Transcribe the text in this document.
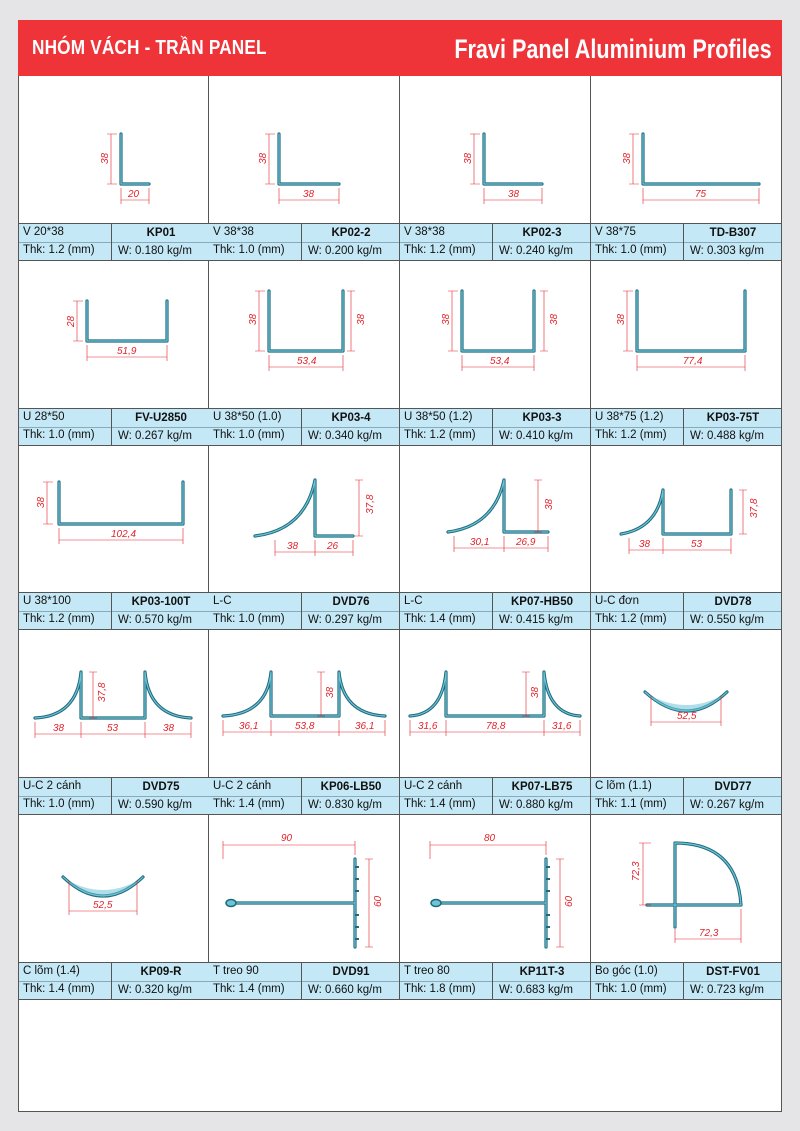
NHÓM VÁCH - TRẦN PANEL	Fravi Panel Aluminium Profiles
38
20
V 20*38	KP01
Thk: 1.2 (mm)	W: 0.180 kg/m
38
38
V 38*38	KP02-2
Thk: 1.0 (mm)	W: 0.200 kg/m
38
38
V 38*38	KP02-3
Thk: 1.2 (mm)	W: 0.240 kg/m
38
75
V 38*75	TD-B307
Thk: 1.0 (mm)	W: 0.303 kg/m
28
51,9
U 28*50	FV-U2850
Thk: 1.0 (mm)	W: 0.267 kg/m
38	38
53,4
U 38*50 (1.0)	KP03-4
Thk: 1.0 (mm)	W: 0.340 kg/m
38	38
53,4
U 38*50 (1.2)	KP03-3
Thk: 1.2 (mm)	W: 0.410 kg/m
38
77,4
U 38*75 (1.2)	KP03-75T
Thk: 1.2 (mm)	W: 0.488 kg/m
38
102,4
U 38*100	KP03-100T
Thk: 1.2 (mm)	W: 0.570 kg/m
37,8
38	26
L-C	DVD76
Thk: 1.0 (mm)	W: 0.297 kg/m
38
30,1	26,9
L-C	KP07-HB50
Thk: 1.4 (mm)	W: 0.415 kg/m
37,8
38	53
U-C đơn	DVD78
Thk: 1.2 (mm)	W: 0.550 kg/m
37,8
38	53	38
U-C 2 cánh	DVD75
Thk: 1.0 (mm)	W: 0.590 kg/m
38
36,1	53,8	36,1
U-C 2 cánh	KP06-LB50
Thk: 1.4 (mm)	W: 0.830 kg/m
38
31,6	78,8	31,6
U-C 2 cánh	KP07-LB75
Thk: 1.4 (mm)	W: 0.880 kg/m
52,5
C lõm (1.1)	DVD77
Thk: 1.1 (mm)	W: 0.267 kg/m
52,5
C lõm (1.4)	KP09-R
Thk: 1.4 (mm)	W: 0.320 kg/m
90
60
T treo 90	DVD91
Thk: 1.4 (mm)	W: 0.660 kg/m
80
60
T treo 80	KP11T-3
Thk: 1.8 (mm)	W: 0.683 kg/m
72,3
72,3
Bo góc (1.0)	DST-FV01
Thk: 1.0 (mm)	W: 0.723 kg/m
